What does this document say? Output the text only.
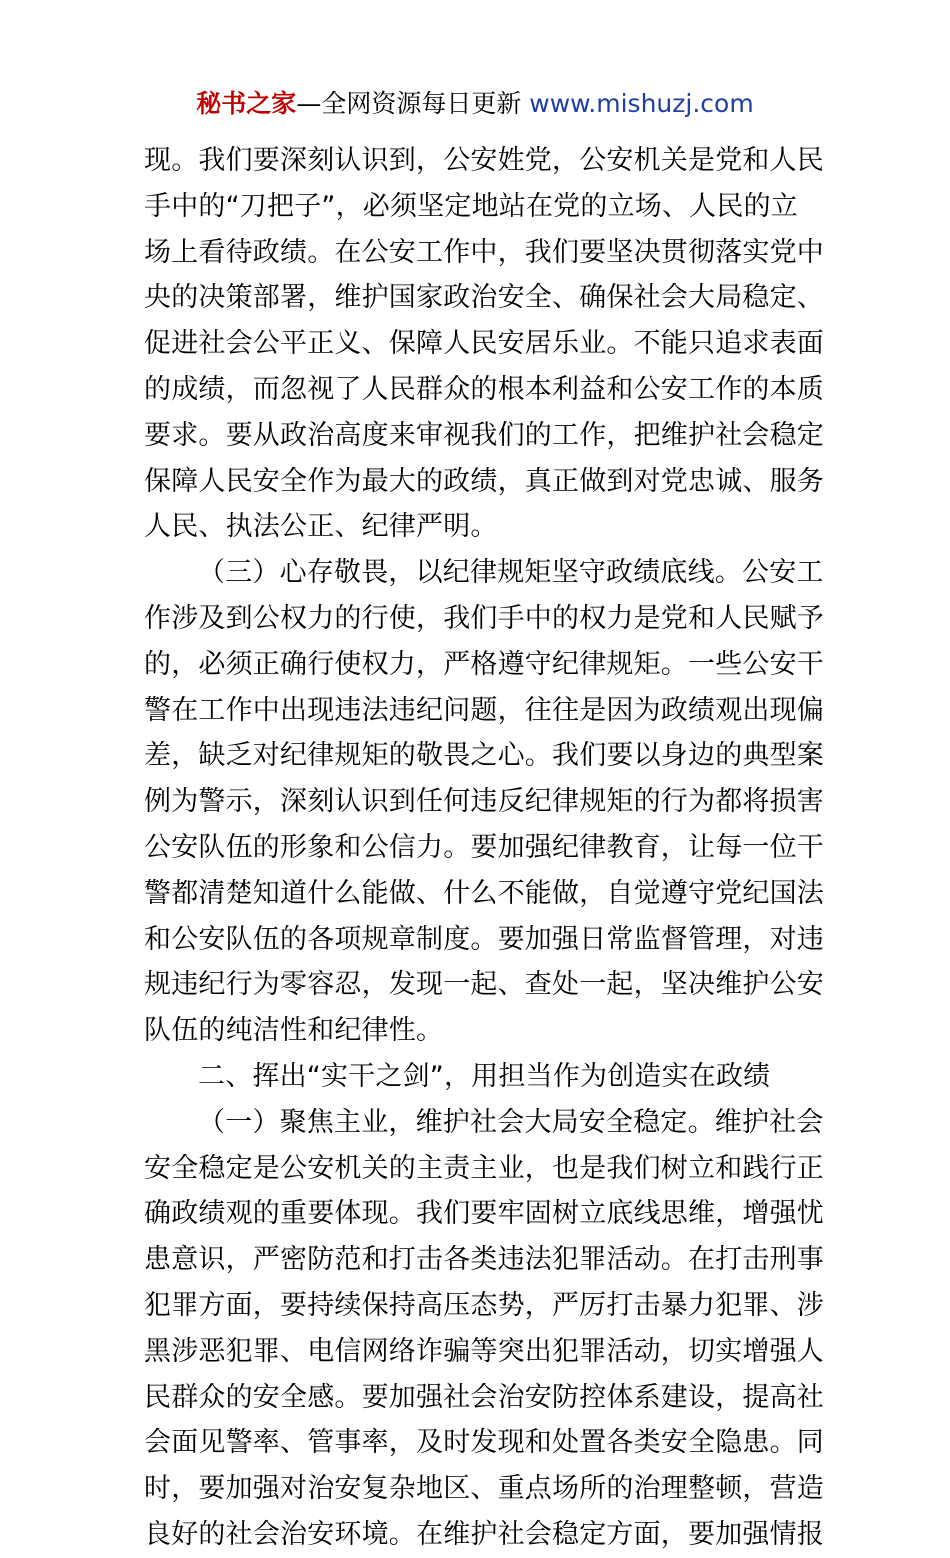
秘书之家—全网资源每日更新 www.mishuzj.com
现。我们要深刻认识到，公安姓党，公安机关是党和人民
手中的“刀把子”，必须坚定地站在党的立场、人民的立
场上看待政绩。在公安工作中，我们要坚决贯彻落实党中
央的决策部署，维护国家政治安全、确保社会大局稳定、
促进社会公平正义、保障人民安居乐业。不能只追求表面
的成绩，而忽视了人民群众的根本利益和公安工作的本质
要求。要从政治高度来审视我们的工作，把维护社会稳定
保障人民安全作为最大的政绩，真正做到对党忠诚、服务
人民、执法公正、纪律严明。
（三）心存敬畏，以纪律规矩坚守政绩底线。公安工
作涉及到公权力的行使，我们手中的权力是党和人民赋予
的，必须正确行使权力，严格遵守纪律规矩。一些公安干
警在工作中出现违法违纪问题，往往是因为政绩观出现偏
差，缺乏对纪律规矩的敬畏之心。我们要以身边的典型案
例为警示，深刻认识到任何违反纪律规矩的行为都将损害
公安队伍的形象和公信力。要加强纪律教育，让每一位干
警都清楚知道什么能做、什么不能做，自觉遵守党纪国法
和公安队伍的各项规章制度。要加强日常监督管理，对违
规违纪行为零容忍，发现一起、查处一起，坚决维护公安
队伍的纯洁性和纪律性。
二、挥出“实干之剑”，用担当作为创造实在政绩
（一）聚焦主业，维护社会大局安全稳定。维护社会
安全稳定是公安机关的主责主业，也是我们树立和践行正
确政绩观的重要体现。我们要牢固树立底线思维，增强忧
患意识，严密防范和打击各类违法犯罪活动。在打击刑事
犯罪方面，要持续保持高压态势，严厉打击暴力犯罪、涉
黑涉恶犯罪、电信网络诈骗等突出犯罪活动，切实增强人
民群众的安全感。要加强社会治安防控体系建设，提高社
会面见警率、管事率，及时发现和处置各类安全隐患。同
时，要加强对治安复杂地区、重点场所的治理整顿，营造
良好的社会治安环境。在维护社会稳定方面，要加强情报
